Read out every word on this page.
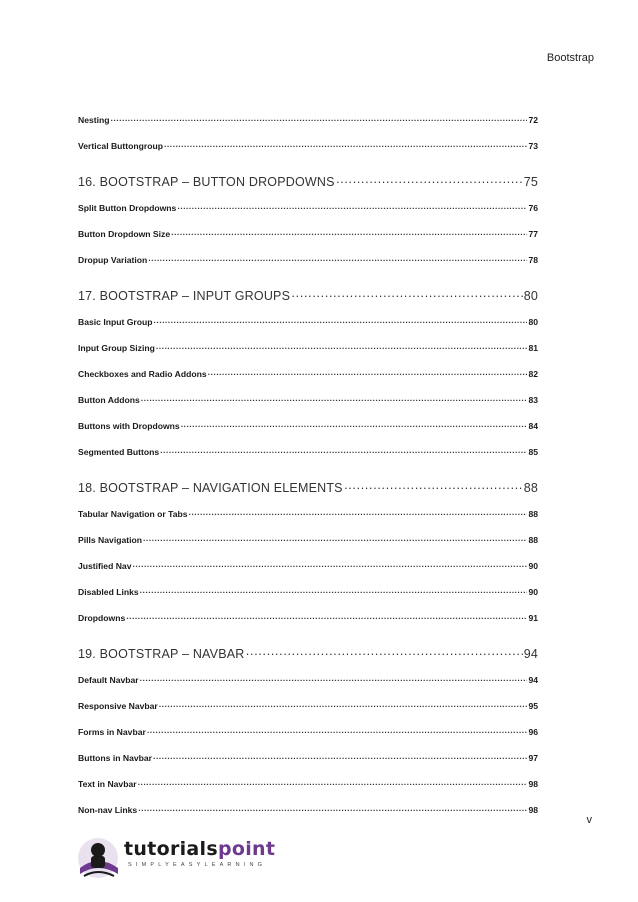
Bootstrap
Nesting ·····	72
Vertical Buttongroup ·····	73
16. BOOTSTRAP – BUTTON DROPDOWNS ·····	75
Split Button Dropdowns ·····	76
Button Dropdown Size ·····	77
Dropup Variation ·····	78
17. BOOTSTRAP – INPUT GROUPS ·····	80
Basic Input Group ·····	80
Input Group Sizing ·····	81
Checkboxes and Radio Addons ·····	82
Button Addons ·····	83
Buttons with Dropdowns ·····	84
Segmented Buttons ·····	85
18. BOOTSTRAP – NAVIGATION ELEMENTS ·····	88
Tabular Navigation or Tabs ·····	88
Pills Navigation ·····	88
Justified Nav ·····	90
Disabled Links ·····	90
Dropdowns ·····	91
19. BOOTSTRAP – NAVBAR ·····	94
Default Navbar ·····	94
Responsive Navbar ·····	95
Forms in Navbar ·····	96
Buttons in Navbar ·····	97
Text in Navbar ·····	98
Non-nav Links ·····	98
v
tutorialspoint
SIMPLYEASYLEARNING
